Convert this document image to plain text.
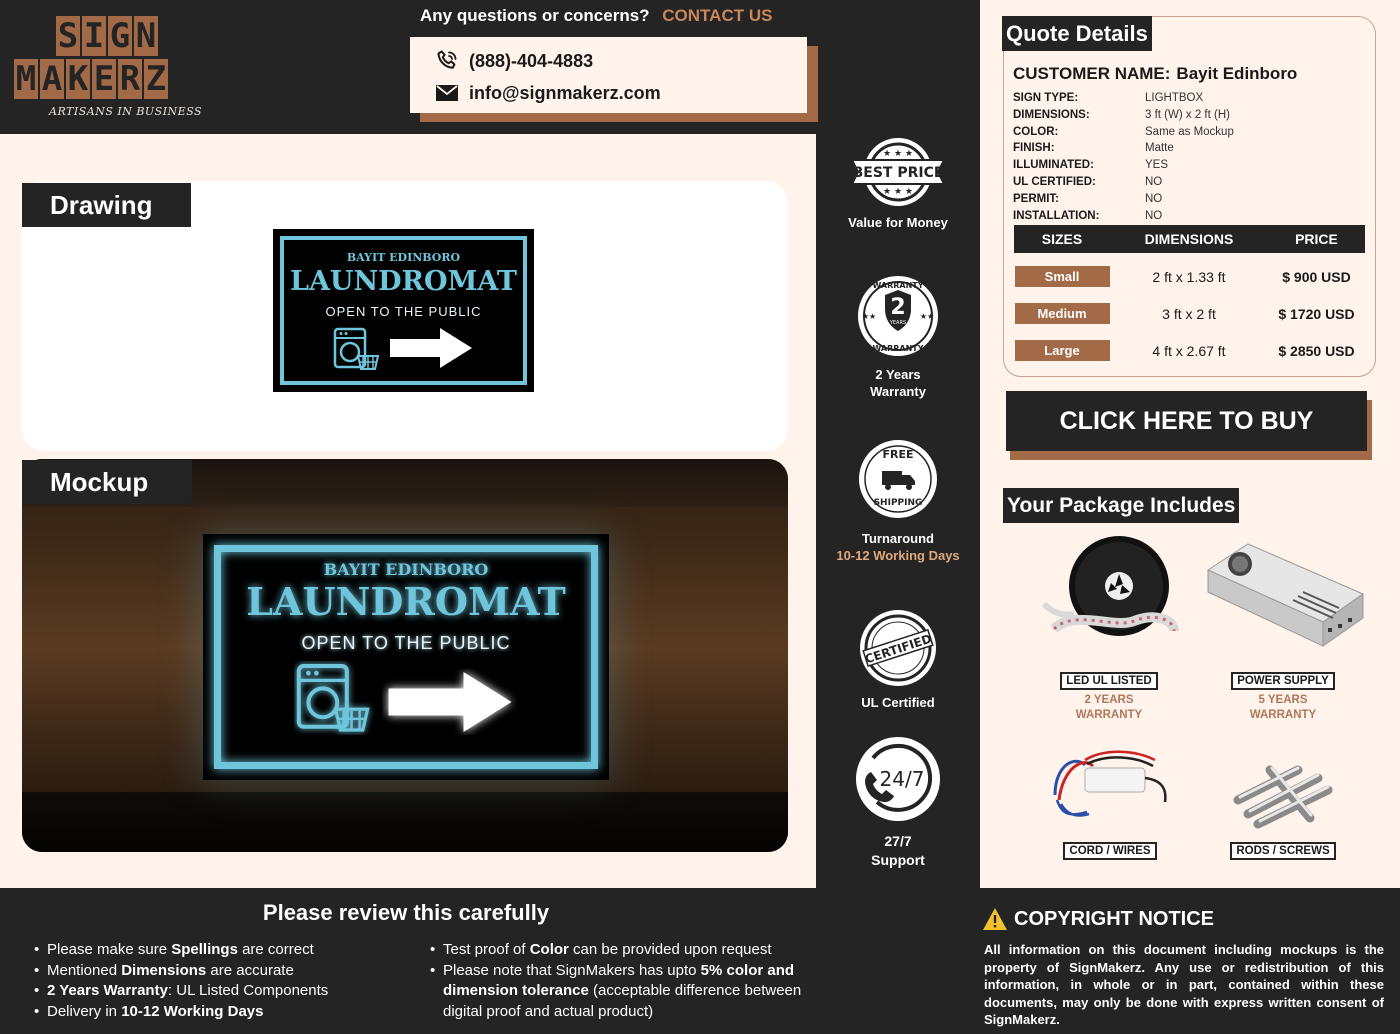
S I G N
M A K E R Z
ARTISANS IN BUSINESS
Any questions or concerns? CONTACT US
(888)-404-4883
info@signmakerz.com
Drawing
BAYIT EDINBORO
LAUNDROMAT
OPEN TO THE PUBLIC
Mockup
BAYIT EDINBORO
LAUNDROMAT
OPEN TO THE PUBLIC
★ ★ ★
★ ★ ★
BEST PRICE
Value for Money
2
YEARS
WARRANTY
WARRANTY
★★	★★
2 Years
Warranty
FREE
SHIPPING
Turnaround
10-12 Working Days
CERTIFIED
UL Certified
24/7
27/7
Support
Quote Details
CUSTOMER NAME: Bayit Edinboro
SIGN TYPE:	LIGHTBOX
DIMENSIONS:	3 ft (W) x 2 ft (H)
COLOR:	Same as Mockup
FINISH:	Matte
ILLUMINATED:	YES
UL CERTIFIED:	NO
PERMIT:	NO
INSTALLATION:	NO
SIZES	DIMENSIONS	PRICE
Small	2 ft x 1.33 ft	$ 900 USD
Medium	3 ft x 2 ft	$ 1720 USD
Large	4 ft x 2.67 ft	$ 2850 USD
CLICK HERE TO BUY
Your Package Includes
LED UL LISTED
2 YEARS
WARRANTY
POWER SUPPLY
5 YEARS
WARRANTY
CORD / WIRES	RODS / SCREWS
Please review this carefully
• Please make sure Spellings are correct
• Mentioned Dimensions are accurate
• 2 Years Warranty: UL Listed Components
• Delivery in 10-12 Working Days
• Test proof of Color can be provided upon request
• Please note that SignMakers has upto 5% color and dimension tolerance (acceptable difference between digital proof and actual product)
COPYRIGHT NOTICE
All information on this document including mockups is the property of SignMakerz. Any use or redistribution of this information, in whole or in part, contained within these documents, may only be done with express written consent of SignMakerz.
